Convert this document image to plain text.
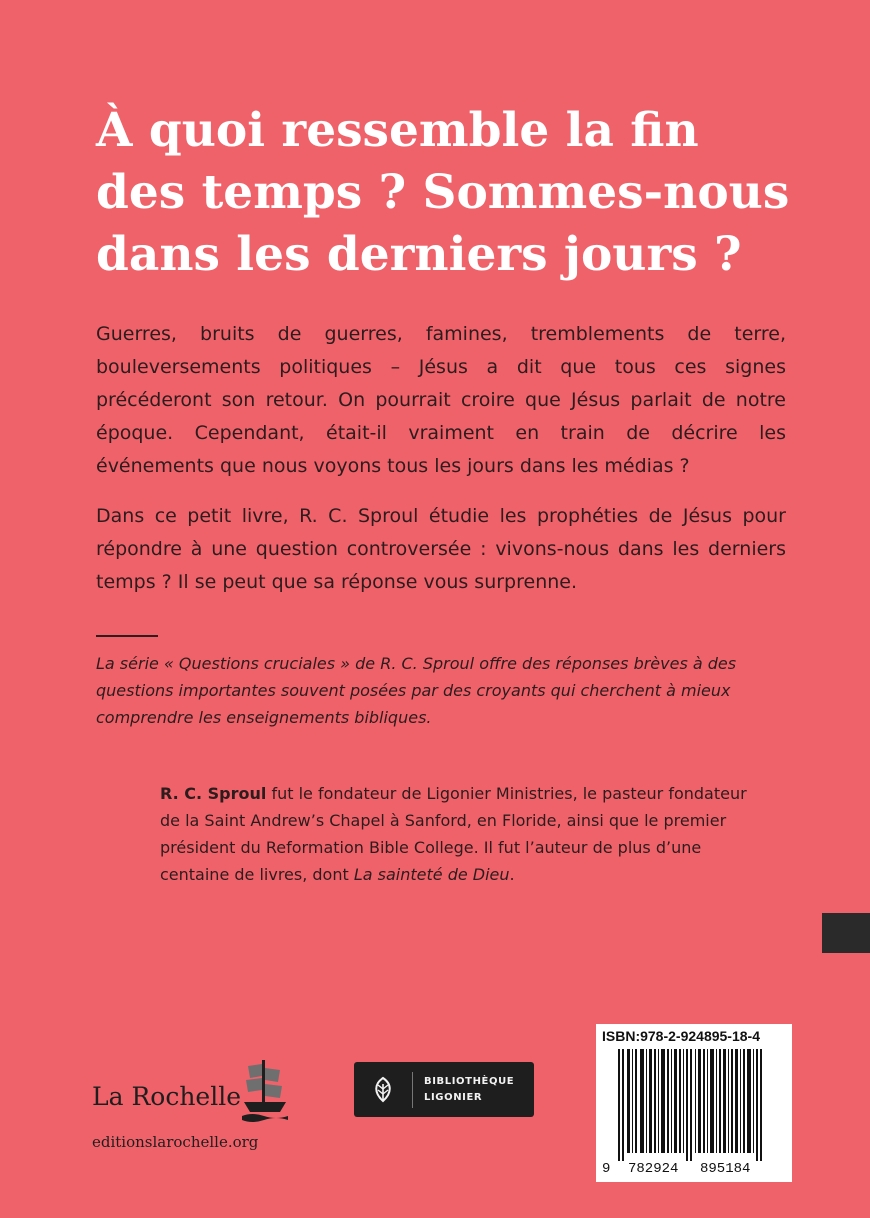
À quoi ressemble la fin des temps ? Sommes-nous dans les derniers jours ?

Guerres, bruits de guerres, famines, tremblements de terre, bouleversements politiques – Jésus a dit que tous ces signes précéderont son retour. On pourrait croire que Jésus parlait de notre époque. Cependant, était-il vraiment en train de décrire les événements que nous voyons tous les jours dans les médias ?

Dans ce petit livre, R. C. Sproul étudie les prophéties de Jésus pour répondre à une question controversée : vivons-nous dans les derniers temps ? Il se peut que sa réponse vous surprenne.

La série « Questions cruciales » de R. C. Sproul offre des réponses brèves à des questions importantes souvent posées par des croyants qui cherchent à mieux comprendre les enseignements bibliques.

R. C. Sproul fut le fondateur de Ligonier Ministries, le pasteur fondateur de la Saint Andrew’s Chapel à Sanford, en Floride, ainsi que le premier président du Reformation Bible College. Il fut l’auteur de plus d’une centaine de livres, dont La sainteté de Dieu.

La Rochelle
editionslarochelle.org
BIBLIOTHÈQUE
LIGONIER
ISBN:978-2-924895-18-4
9 782924 895184
